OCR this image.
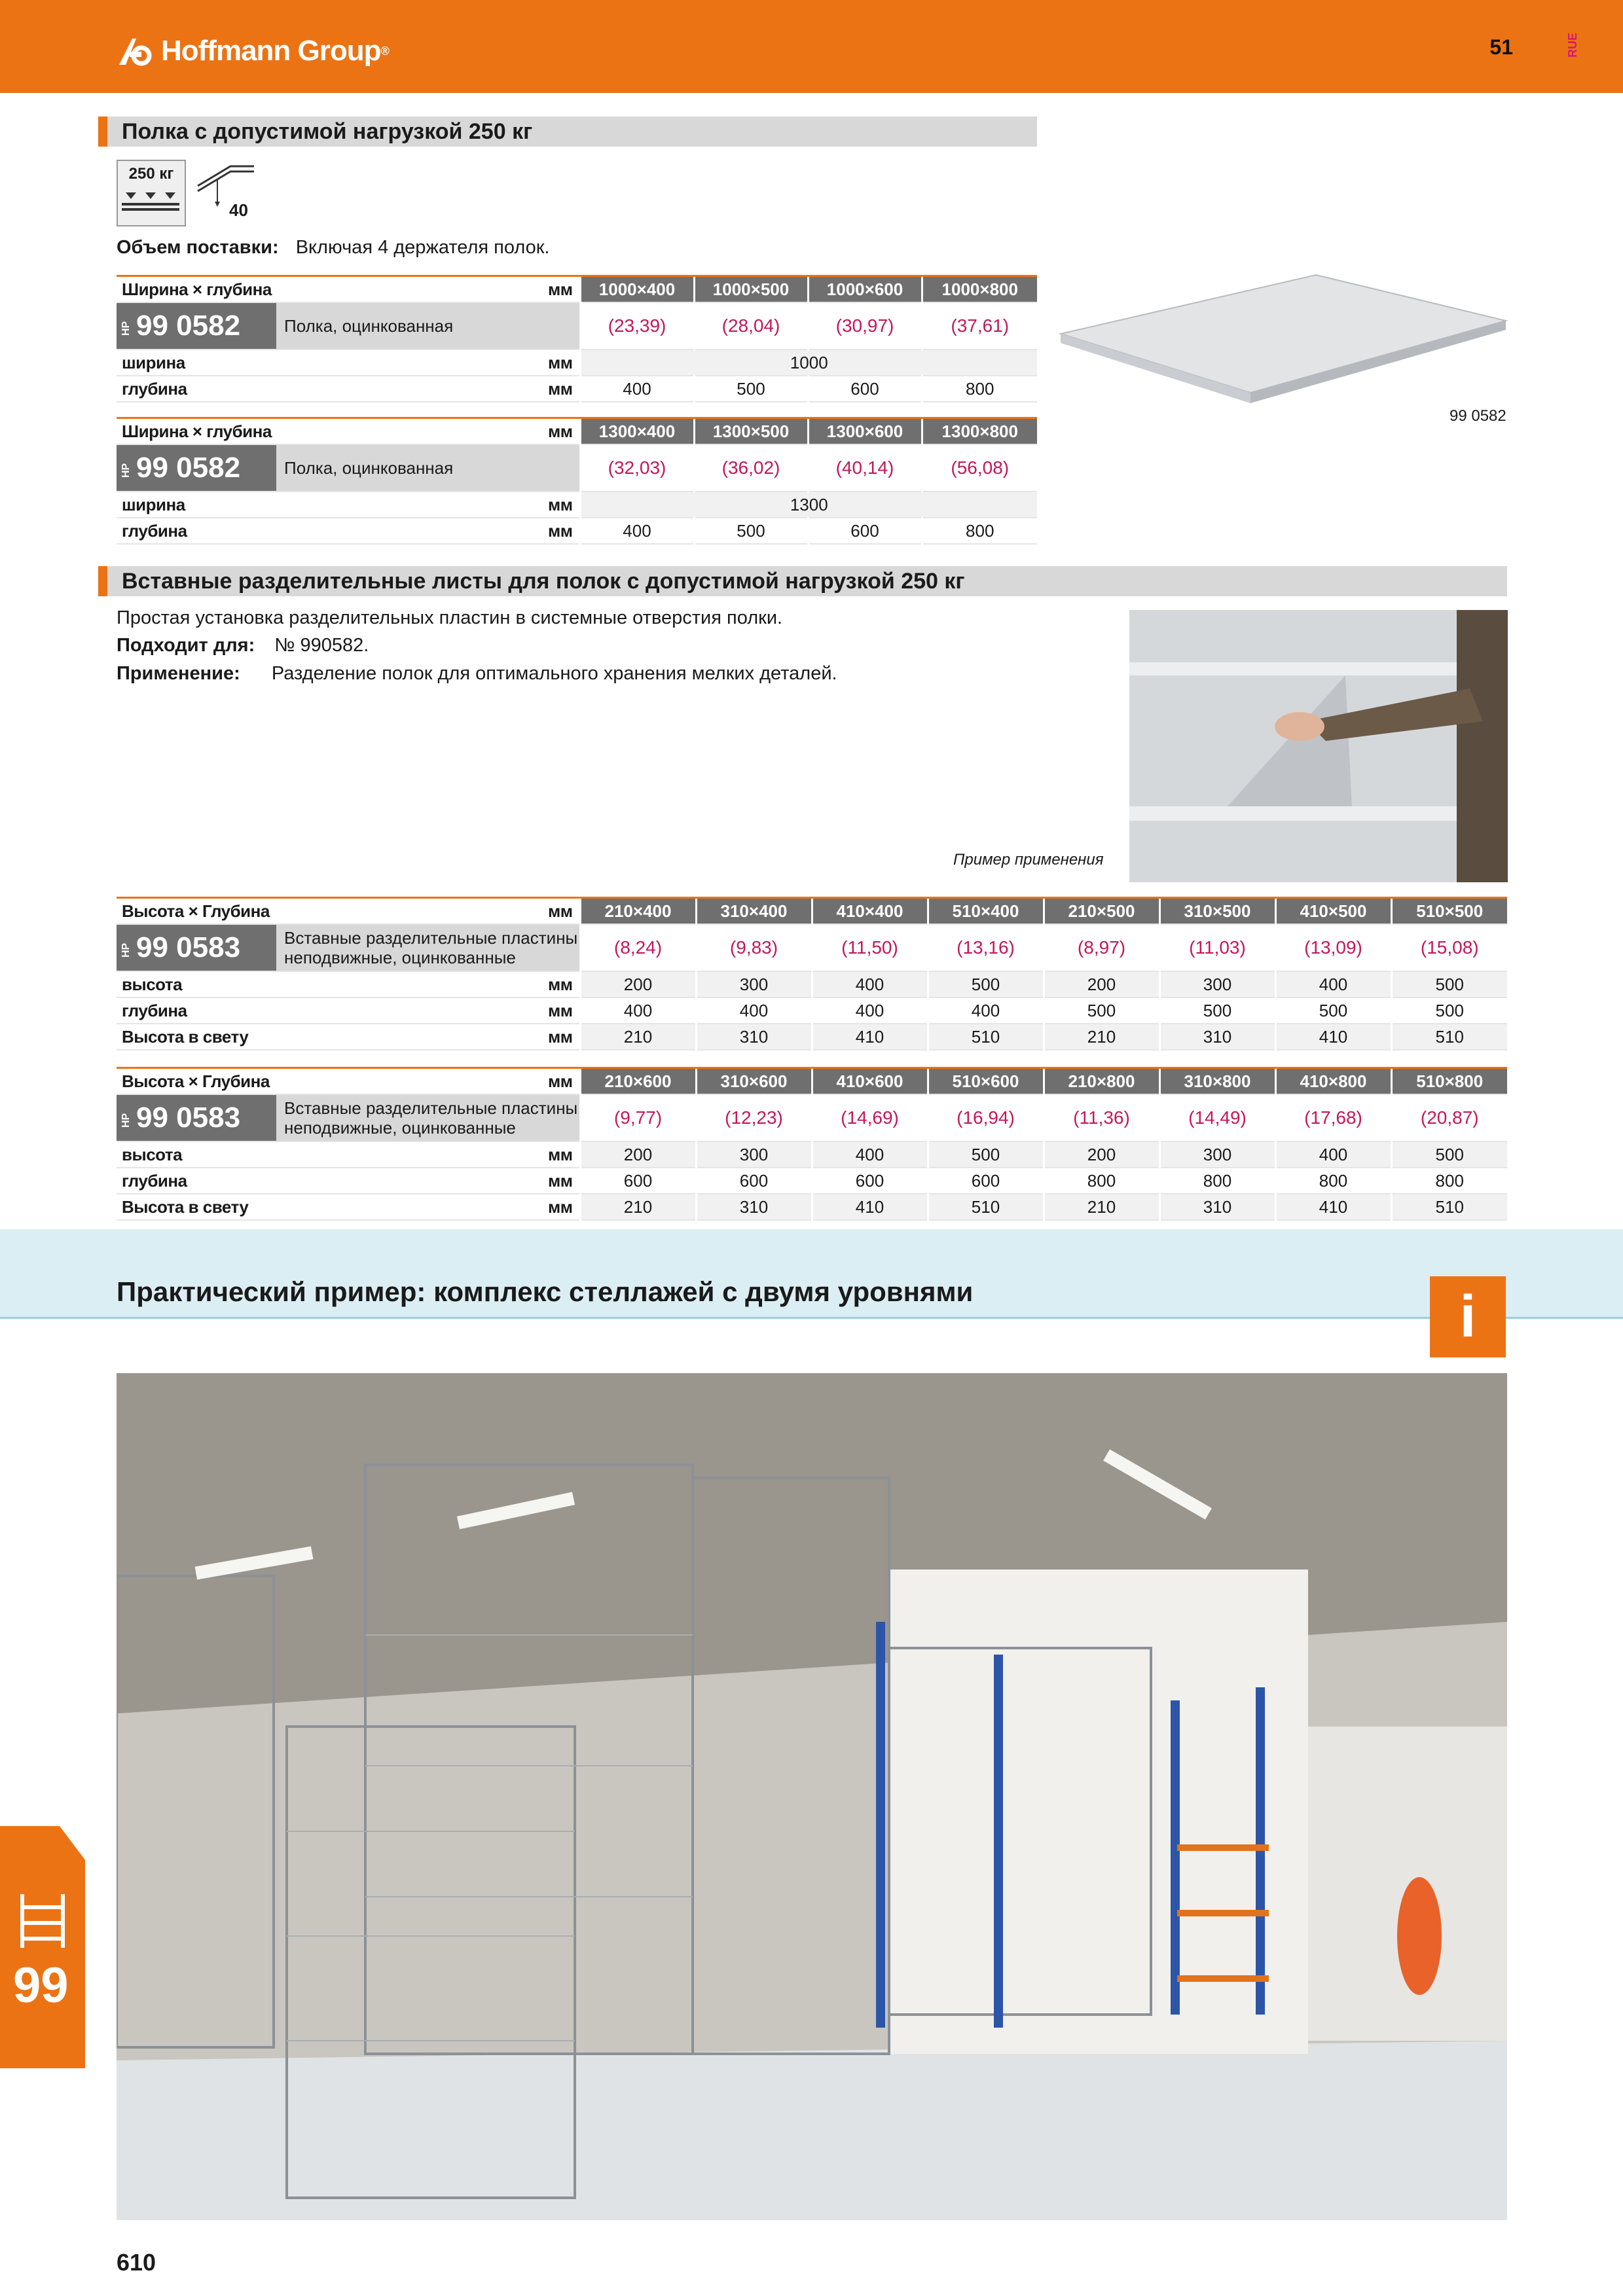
Hoffmann Group ®	51	RUE
Полка с допустимой нагрузкой 250 кг
250 кг
40
Объем поставки: Включая 4 держателя полок.
Ширина × глубина мм	1000×400	1000×500	1000×600	1000×800

HP 99 0582 Полка, оцинкованная	(23,39)	(28,04)	(30,97)	(37,61)
ширина мм	1000			
глубина мм	400	500	600	800
Ширина × глубина мм	1300×400	1300×500	1300×600	1300×800

HP 99 0582 Полка, оцинкованная	(32,03)	(36,02)	(40,14)	(56,08)
ширина мм	1300			
глубина мм	400	500	600	800
99 0582
Вставные разделительные листы для полок с допустимой нагрузкой 250 кг
Простая установка разделительных пластин в системные отверстия полки.
Подходит для: № 990582.
Применение: Разделение полок для оптимального хранения мелких деталей.
Пример применения
Высота × Глубина мм	210×400	310×400	410×400	510×400	210×500	310×500	410×500	510×500

HP 99 0583 Вставные разделительные пластины неподвижные, оцинкованные	(8,24)	(9,83)	(11,50)	(13,16)	(8,97)	(11,03)	(13,09)	(15,08)
высота мм	200	300	400	500	200	300	400	500
глубина мм	400	400	400	400	500	500	500	500
Высота в свету мм	210	310	410	510	210	310	410	510
Высота × Глубина мм	210×600	310×600	410×600	510×600	210×800	310×800	410×800	510×800

HP 99 0583 Вставные разделительные пластины неподвижные, оцинкованные	(9,77)	(12,23)	(14,69)	(16,94)	(11,36)	(14,49)	(17,68)	(20,87)
высота мм	200	300	400	500	200	300	400	500
глубина мм	600	600	600	600	800	800	800	800
Высота в свету мм	210	310	410	510	210	310	410	510
Практический пример: комплекс стеллажей с двумя уровнями	i
99
610
